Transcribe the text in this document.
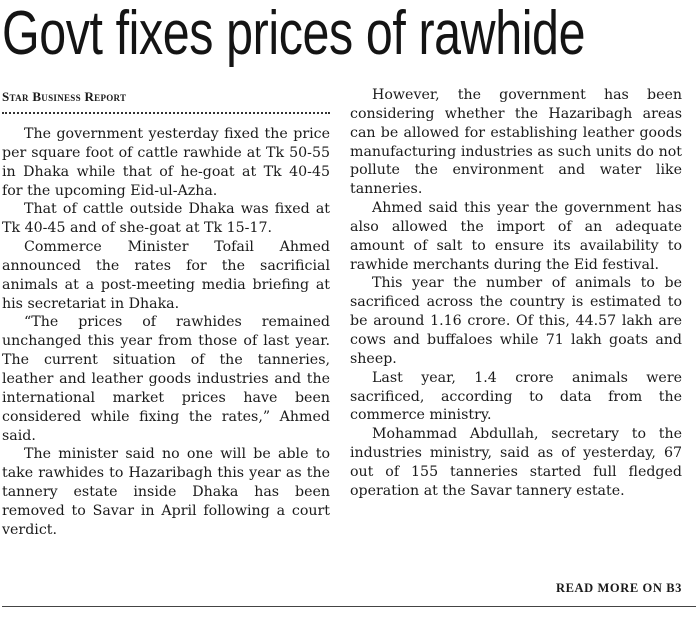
Govt fixes prices of rawhide
Star Business Report

The government yesterday fixed the price per square foot of cattle rawhide at Tk 50-55 in Dhaka while that of he-goat at Tk 40-45 for the upcoming Eid-ul-Azha.

That of cattle outside Dhaka was fixed at Tk 40-45 and of she-goat at Tk 15-17.

Commerce Minister Tofail Ahmed announced the rates for the sacrificial animals at a post-meeting media briefing at his secretariat in Dhaka.

“The prices of rawhides remained unchanged this year from those of last year. The current situation of the tanneries, leather and leather goods industries and the international market prices have been considered while fixing the rates,” Ahmed said.

The minister said no one will be able to take rawhides to Hazaribagh this year as the tannery estate inside Dhaka has been removed to Savar in April following a court verdict.

However, the government has been considering whether the Hazaribagh areas can be allowed for establishing leather goods manufacturing industries as such units do not pollute the environment and water like tanneries.

Ahmed said this year the government has also allowed the import of an adequate amount of salt to ensure its availability to rawhide merchants during the Eid festival.

This year the number of animals to be sacrificed across the country is estimated to be around 1.16 crore. Of this, 44.57 lakh are cows and buffaloes while 71 lakh goats and sheep.

Last year, 1.4 crore animals were sacrificed, according to data from the commerce ministry.

Mohammad Abdullah, secretary to the industries ministry, said as of yesterday, 67 out of 155 tanneries started full fledged operation at the Savar tannery estate.

READ MORE ON B3
